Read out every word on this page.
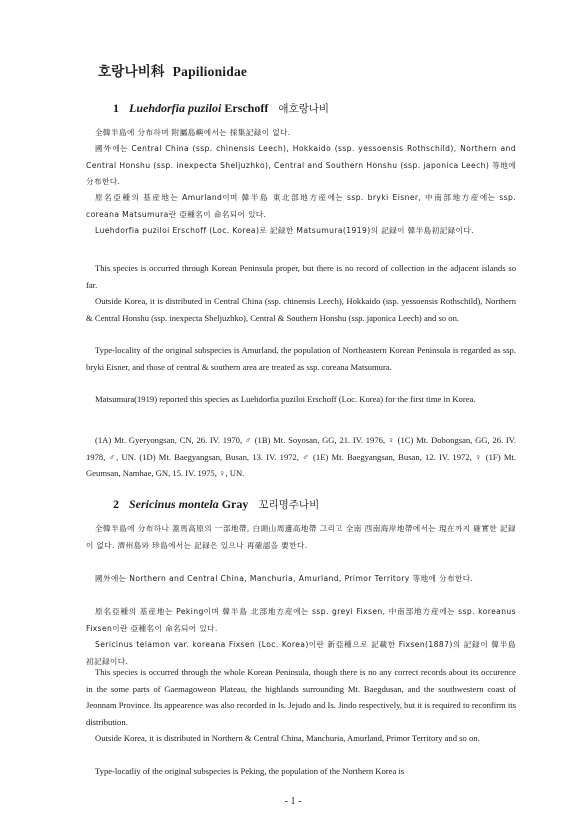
호랑나비科 Papilionidae
1 Luehdorfia puziloi Erschoff 애호랑나비

全韓半島에 分布하며 附屬島嶼에서는 採集記録이 없다.

國外에는 Central China (ssp. chinensis Leech), Hokkaido (ssp. yessoensis Rothschild), Northern and Central Honshu (ssp. inexpecta Sheljuzhko), Central and Southern Honshu (ssp. japonica Leech) 等地에 分布한다.

原名亞種의 基産地는 Amurland이며 韓半島 東北部地方産에는 ssp. bryki Eisner, 中南部地方産에는 ssp. coreana Matsumura란 亞種名이 命名되어 있다.

Luehdorfia puziloi Erschoff (Loc. Korea)로 記録한 Matsumura(1919)의 記録이 韓半島初記録이다.

This species is occurred through Korean Peninsula proper, but there is no record of collection in the adjacent islands so far.

Outside Korea, it is distributed in Central China (ssp. chinensis Leech), Hokkaido (ssp. yessoensis Rothschild), Northern & Central Honshu (ssp. inexpecta Sheljuzhko), Central & Southern Honshu (ssp. japonica Leech) and so on.

Type-locality of the original subspecies is Amurland, the population of Northeastern Korean Peninsula is regarded as ssp. bryki Eisner, and those of central & southern area are treated as ssp. coreana Matsumura.

Matsumura(1919) reported this species as Luehdorfia puziloi Erschoff (Loc. Korea) for the first time in Korea.

(1A) Mt. Gyeryongsan, CN, 26. IV. 1970, ♂ (1B) Mt. Soyosan, GG, 21. IV. 1976, ♀ (1C) Mt. Dobongsan, GG, 26. IV. 1978, ♂, UN. (1D) Mt. Baegyangsan, Busan, 13. IV. 1972, ♂ (1E) Mt. Baegyangsan, Busan, 12. IV. 1972, ♀ (1F) Mt. Geumsan, Namhae, GN, 15. IV. 1975, ♀, UN.

2 Sericinus montela Gray 꼬리명주나비

全韓半島에 分布하나 蓋馬高原의 一部地帶, 白頭山周邊高地帶 그리고 全南 西南海岸地帶에서는 現在까지 確實한 記録이 없다. 濟州島와 珍島에서는 記録은 있으나 再確認을 要한다.

國外에는 Northern and Central China, Manchuria, Amurland, Primor Territory 等地에 分布한다.

原名亞種의 基産地는 Peking이며 韓半島 北部地方産에는 ssp. greyi Fixsen, 中南部地方産에는 ssp. koreanus Fixsen이란 亞種名이 命名되어 있다.

Sericinus telamon var. koreana Fixsen (Loc. Korea)이란 新亞種으로 記載한 Fixsen(1887)의 記録이 韓半島初記録이다.

This species is occurred through the whole Korean Peninsula, though there is no any correct records about its occurence in the some parts of Gaemagoweon Plateau, the highlands surrounding Mt. Baegdusan, and the southwestern coast of Jeonnam Province. Its appearence was also recorded in Is. Jejudo and Is. Jindo respectively, but it is required to reconfirm its distribution.

Outside Korea, it is distributed in Northern & Central China, Manchuria, Amurland, Primor Territory and so on.

Type-locatliy of the original subspecies is Peking, the population of the Northern Korea is

- 1 -
